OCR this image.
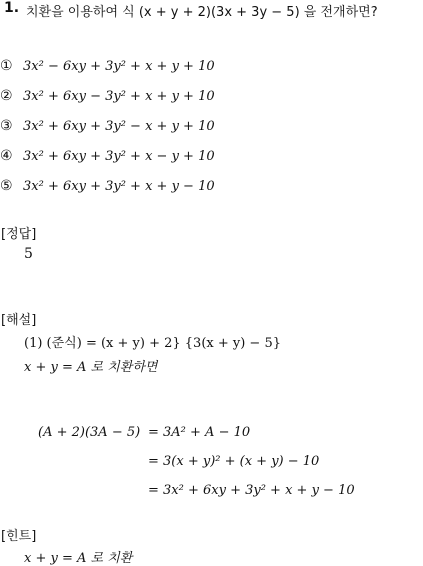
1. 치환을 이용하여 식 (x + y + 2)(3x + 3y − 5) 을 전개하면?
① 3x² − 6xy + 3y² + x + y + 10
② 3x² + 6xy − 3y² + x + y + 10
③ 3x² + 6xy + 3y² − x + y + 10
④ 3x² + 6xy + 3y² + x − y + 10
⑤ 3x² + 6xy + 3y² + x + y − 10
[정답]
5
[해설]
(1) (준식) = (x + y) + 2} {3(x + y) − 5}
x + y = A 로 치환하면
(A + 2)(3A − 5) = 3A² + A − 10
= 3(x + y)² + (x + y) − 10
= 3x² + 6xy + 3y² + x + y − 10
[힌트]
x + y = A 로 치환
